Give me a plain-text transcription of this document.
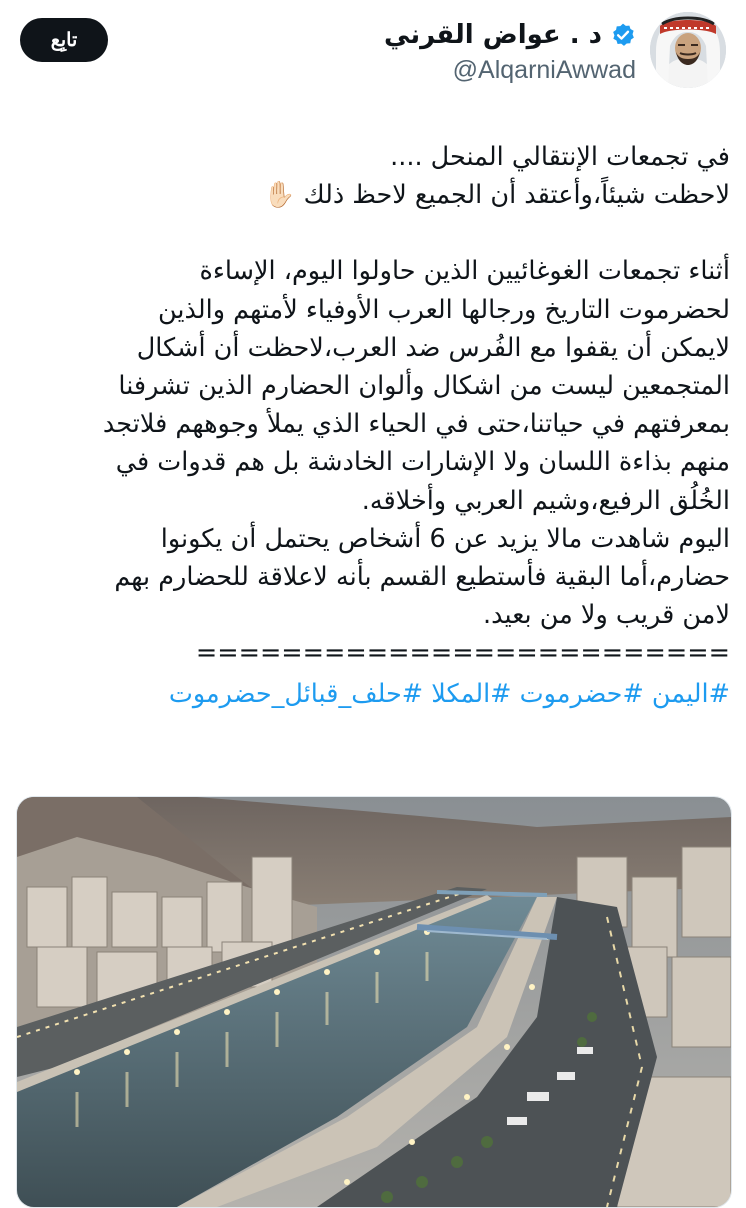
د . عواض القرني
@AlqarniAwwad
تابِع
في تجمعات الإنتقالي المنحل ....
لاحظت شيئاً،وأعتقد أن الجميع لاحظ ذلك ✋🏻
أثناء تجمعات الغوغائيين الذين حاولوا اليوم، الإساءة
لحضرموت التاريخ ورجالها العرب الأوفياء لأمتهم والذين
لايمكن أن يقفوا مع الفُرس ضد العرب،لاحظت أن أشكال
المتجمعين ليست من اشكال وألوان الحضارم الذين تشرفنا
بمعرفتهم في حياتنا،حتى في الحياء الذي يملأ وجوههم فلاتجد
منهم بذاءة اللسان ولا الإشارات الخادشة بل هم قدوات في
الخُلُق الرفيع،وشيم العربي وأخلاقه.
اليوم شاهدت مالا يزيد عن 6 أشخاص يحتمل أن يكونوا
حضارم،أما البقية فأستطيع القسم بأنه لاعلاقة للحضارم بهم
لامن قريب ولا من بعيد.
=========================
#اليمن #حضرموت #المكلا #حلف_قبائل_حضرموت
